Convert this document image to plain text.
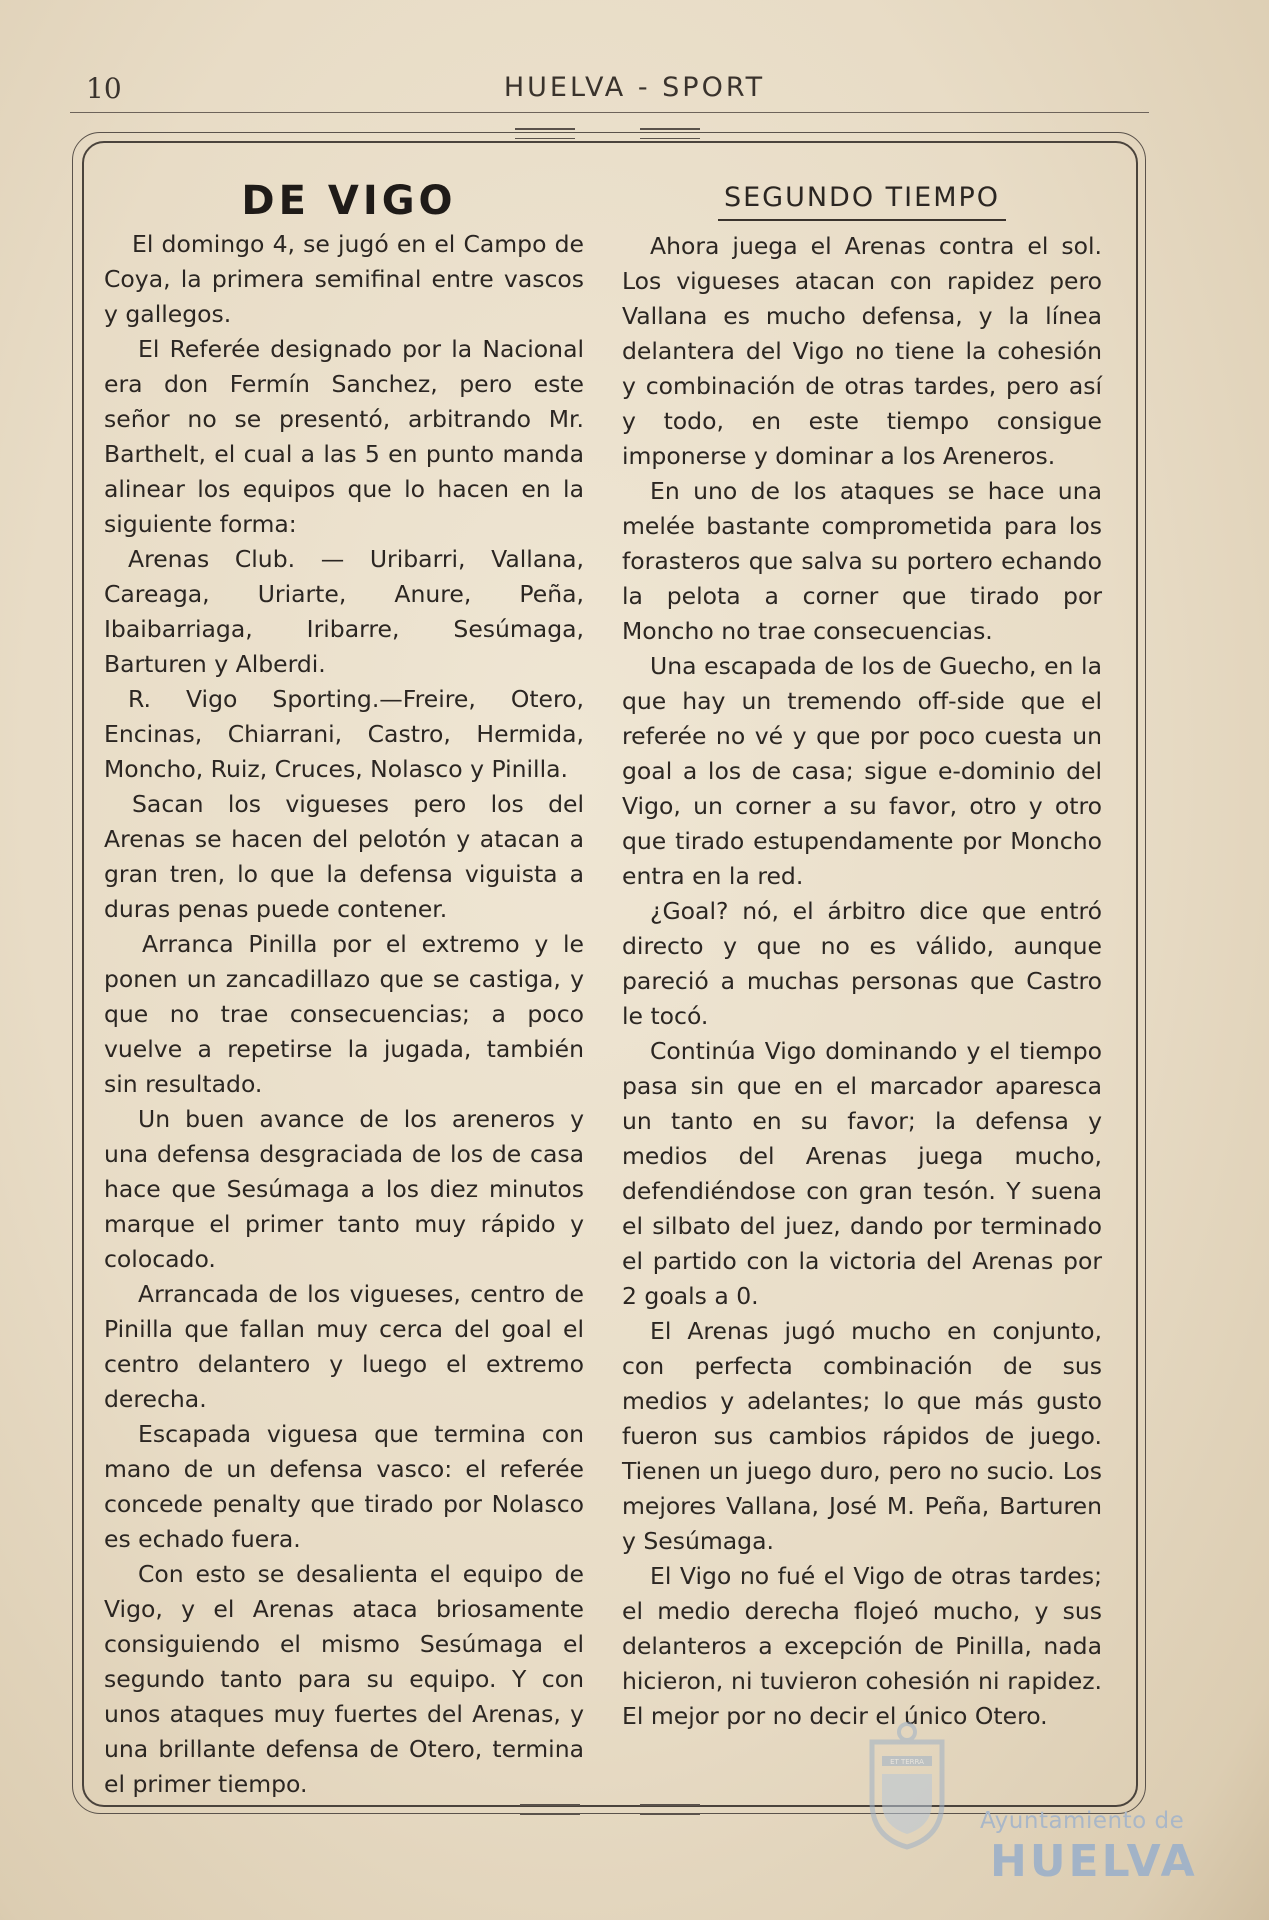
10	HUELVA - SPORT
DE VIGO

El domingo 4, se jugó en el Campo de Coya, la primera semifinal entre vascos y gallegos.

El Referée designado por la Nacional era don Fermín Sanchez, pero este señor no se presentó, arbitrando Mr. Barthelt, el cual a las 5 en punto manda alinear los equipos que lo hacen en la siguiente forma:

Arenas Club. — Uribarri, Vallana, Careaga, Uriarte, Anure, Peña, Ibaibarriaga, Iribarre, Sesúmaga, Barturen y Alberdi.

R. Vigo Sporting.—Freire, Otero, Encinas, Chiarrani, Castro, Hermida, Moncho, Ruiz, Cruces, Nolasco y Pinilla.

Sacan los vigueses pero los del Arenas se hacen del pelotón y atacan a gran tren, lo que la defensa viguista a duras penas puede contener.

Arranca Pinilla por el extremo y le ponen un zancadillazo que se castiga, y que no trae consecuencias; a poco vuelve a repetirse la jugada, también sin resultado.

Un buen avance de los areneros y una defensa desgraciada de los de casa hace que Sesúmaga a los diez minutos marque el primer tanto muy rápido y colocado.

Arrancada de los vigueses, centro de Pinilla que fallan muy cerca del goal el centro delantero y luego el extremo derecha.

Escapada viguesa que termina con mano de un defensa vasco: el referée concede penalty que tirado por Nolasco es echado fuera.

Con esto se desalienta el equipo de Vigo, y el Arenas ataca briosamente consiguiendo el mismo Sesúmaga el segundo tanto para su equipo. Y con unos ataques muy fuertes del Arenas, y una brillante defensa de Otero, termina el primer tiempo.

SEGUNDO TIEMPO

Ahora juega el Arenas contra el sol. Los vigueses atacan con rapidez pero Vallana es mucho defensa, y la línea delantera del Vigo no tiene la cohesión y combinación de otras tardes, pero así y todo, en este tiempo consigue imponerse y dominar a los Areneros.

En uno de los ataques se hace una melée bastante comprometida para los forasteros que salva su portero echando la pelota a corner que tirado por Moncho no trae consecuencias.

Una escapada de los de Guecho, en la que hay un tremendo off-side que el referée no vé y que por poco cuesta un goal a los de casa; sigue e-dominio del Vigo, un corner a su favor, otro y otro que tirado estupendamente por Moncho entra en la red.

¿Goal? nó, el árbitro dice que entró directo y que no es válido, aunque pareció a muchas personas que Castro le tocó.

Continúa Vigo dominando y el tiempo pasa sin que en el marcador aparesca un tanto en su favor; la defensa y medios del Arenas juega mucho, defendiéndose con gran tesón. Y suena el silbato del juez, dando por terminado el partido con la victoria del Arenas por 2 goals a 0.

El Arenas jugó mucho en conjunto, con perfecta combinación de sus medios y adelantes; lo que más gusto fueron sus cambios rápidos de juego. Tienen un juego duro, pero no sucio. Los mejores Vallana, José M. Peña, Barturen y Sesúmaga.

El Vigo no fué el Vigo de otras tardes; el medio derecha flojeó mucho, y sus delanteros a excepción de Pinilla, nada hicieron, ni tuvieron cohesión ni rapidez. El mejor por no decir el único Otero.

ET TERRA
Ayuntamiento de
HUELVA
